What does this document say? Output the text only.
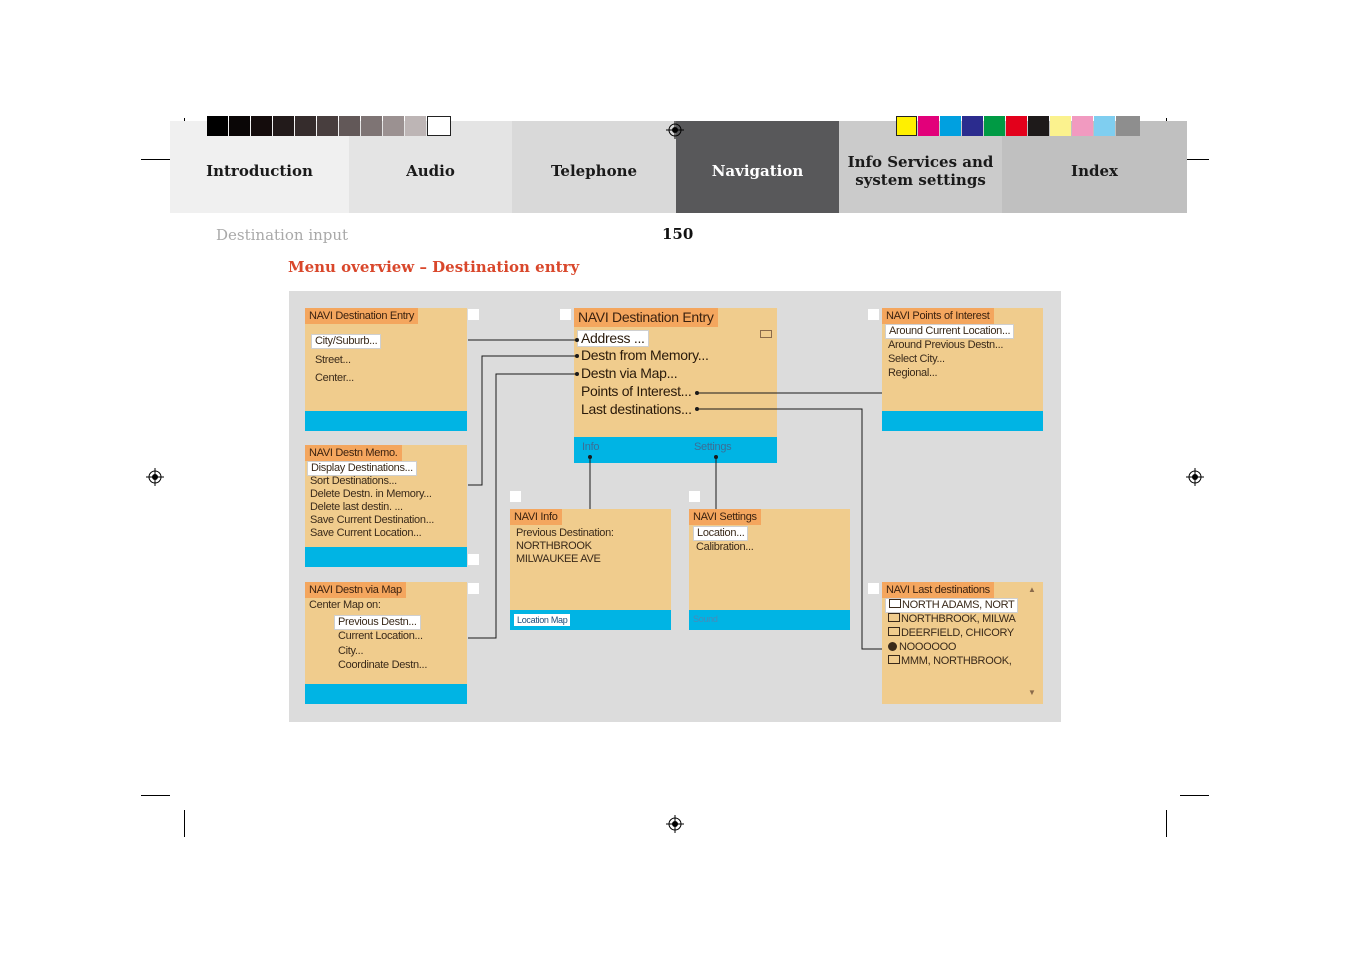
Introduction	Audio	Telephone	Navigation	Info Services and
system settings	Index
Destination input	150
Menu overview – Destination entry
NAVI Destination Entry
City/Suburb...
Street...
Center...
NAVI Destination Entry
Address ...
Destn from Memory...
Destn via Map...
Points of Interest...
Last destinations...
Info	Settings
NAVI Points of Interest
Around Current Location...
Around Previous Destn...
Select City...
Regional...
NAVI Destn Memo.
Display Destinations...
Sort Destinations...
Delete Destn. in Memory...
Delete last destin. ...
Save Current Destination...
Save Current Location...
NAVI Info
Previous Destination:
NORTHBROOK
MILWAUKEE AVE
Location Map
NAVI Settings
Location...
Calibration...
Sound
NAVI Destn via Map
Center Map on:
Previous Destn...
Current Location...
City...
Coordinate Destn...
NAVI Last destinations
NORTH ADAMS, NORT
NORTHBROOK, MILWA
DEERFIELD, CHICORY
NOOOOOO
MMM, NORTHBROOK,
▲
▼
